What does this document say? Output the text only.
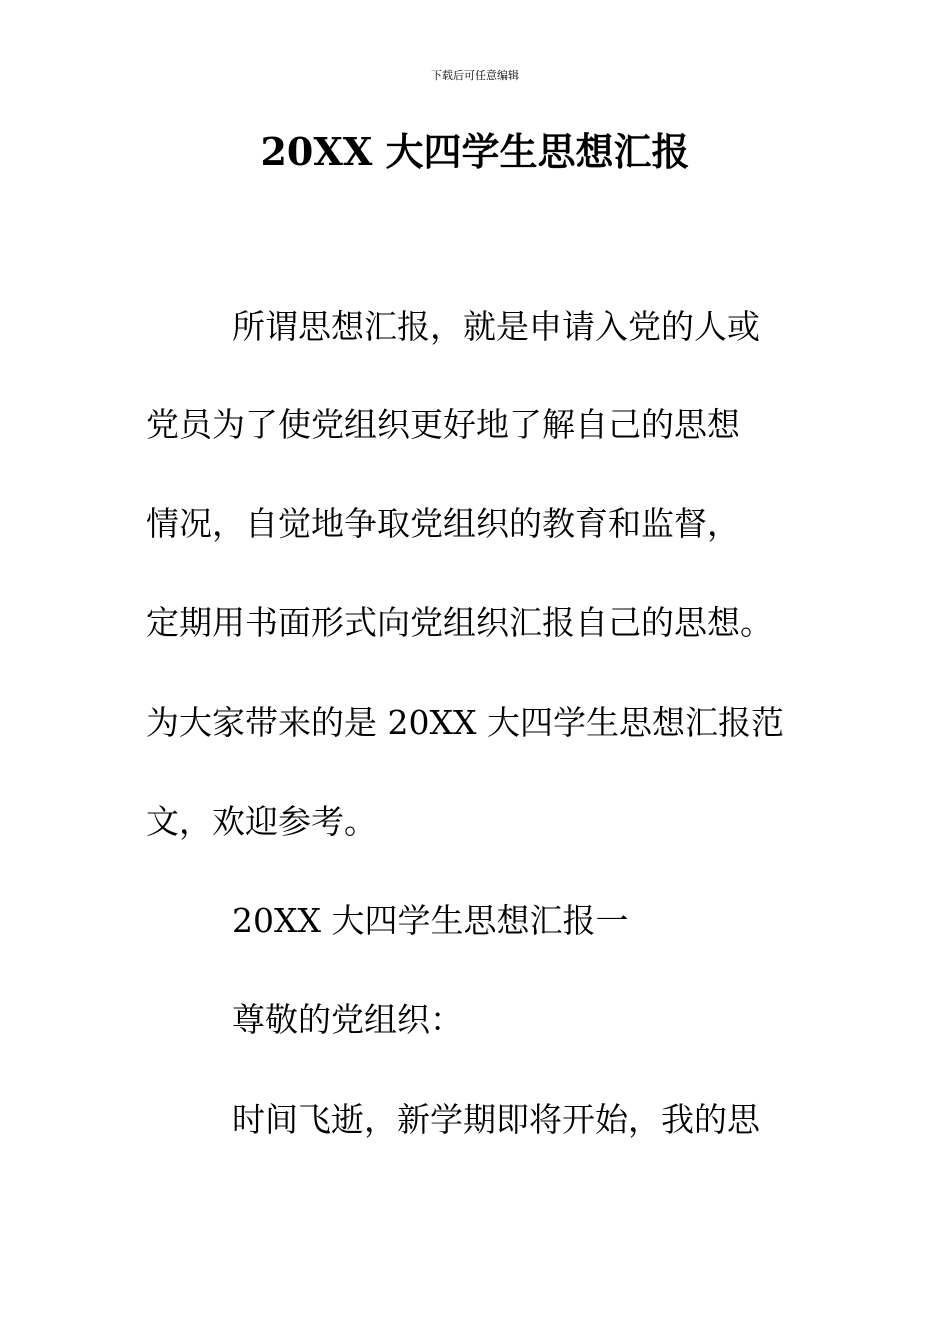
下载后可任意编辑
20XX 大四学生思想汇报
所谓思想汇报，就是申请入党的人或
党员为了使党组织更好地了解自己的思想
情况，自觉地争取党组织的教育和监督，
定期用书面形式向党组织汇报自己的思想。
为大家带来的是 20XX 大四学生思想汇报范
文，欢迎参考。
20XX 大四学生思想汇报一
尊敬的党组织：
时间飞逝，新学期即将开始，我的思
